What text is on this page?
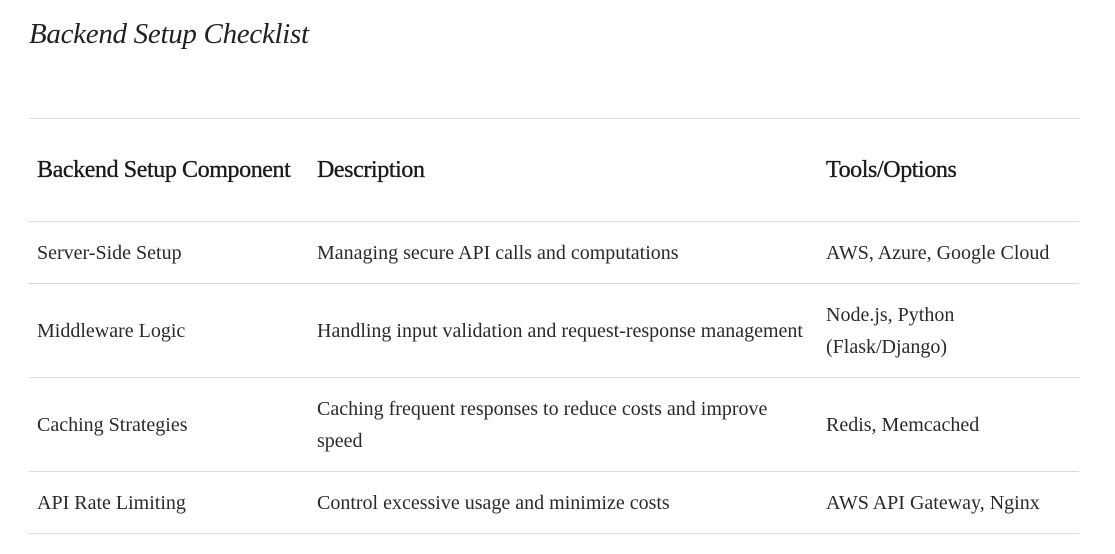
Backend Setup Checklist
Backend Setup Component	Description	Tools/Options
Server-Side Setup	Managing secure API calls and computations	AWS, Azure, Google Cloud
Middleware Logic	Handling input validation and request-response management	Node.js, Python (Flask/Django)
Caching Strategies	Caching frequent responses to reduce costs and improve speed	Redis, Memcached
API Rate Limiting	Control excessive usage and minimize costs	AWS API Gateway, Nginx
